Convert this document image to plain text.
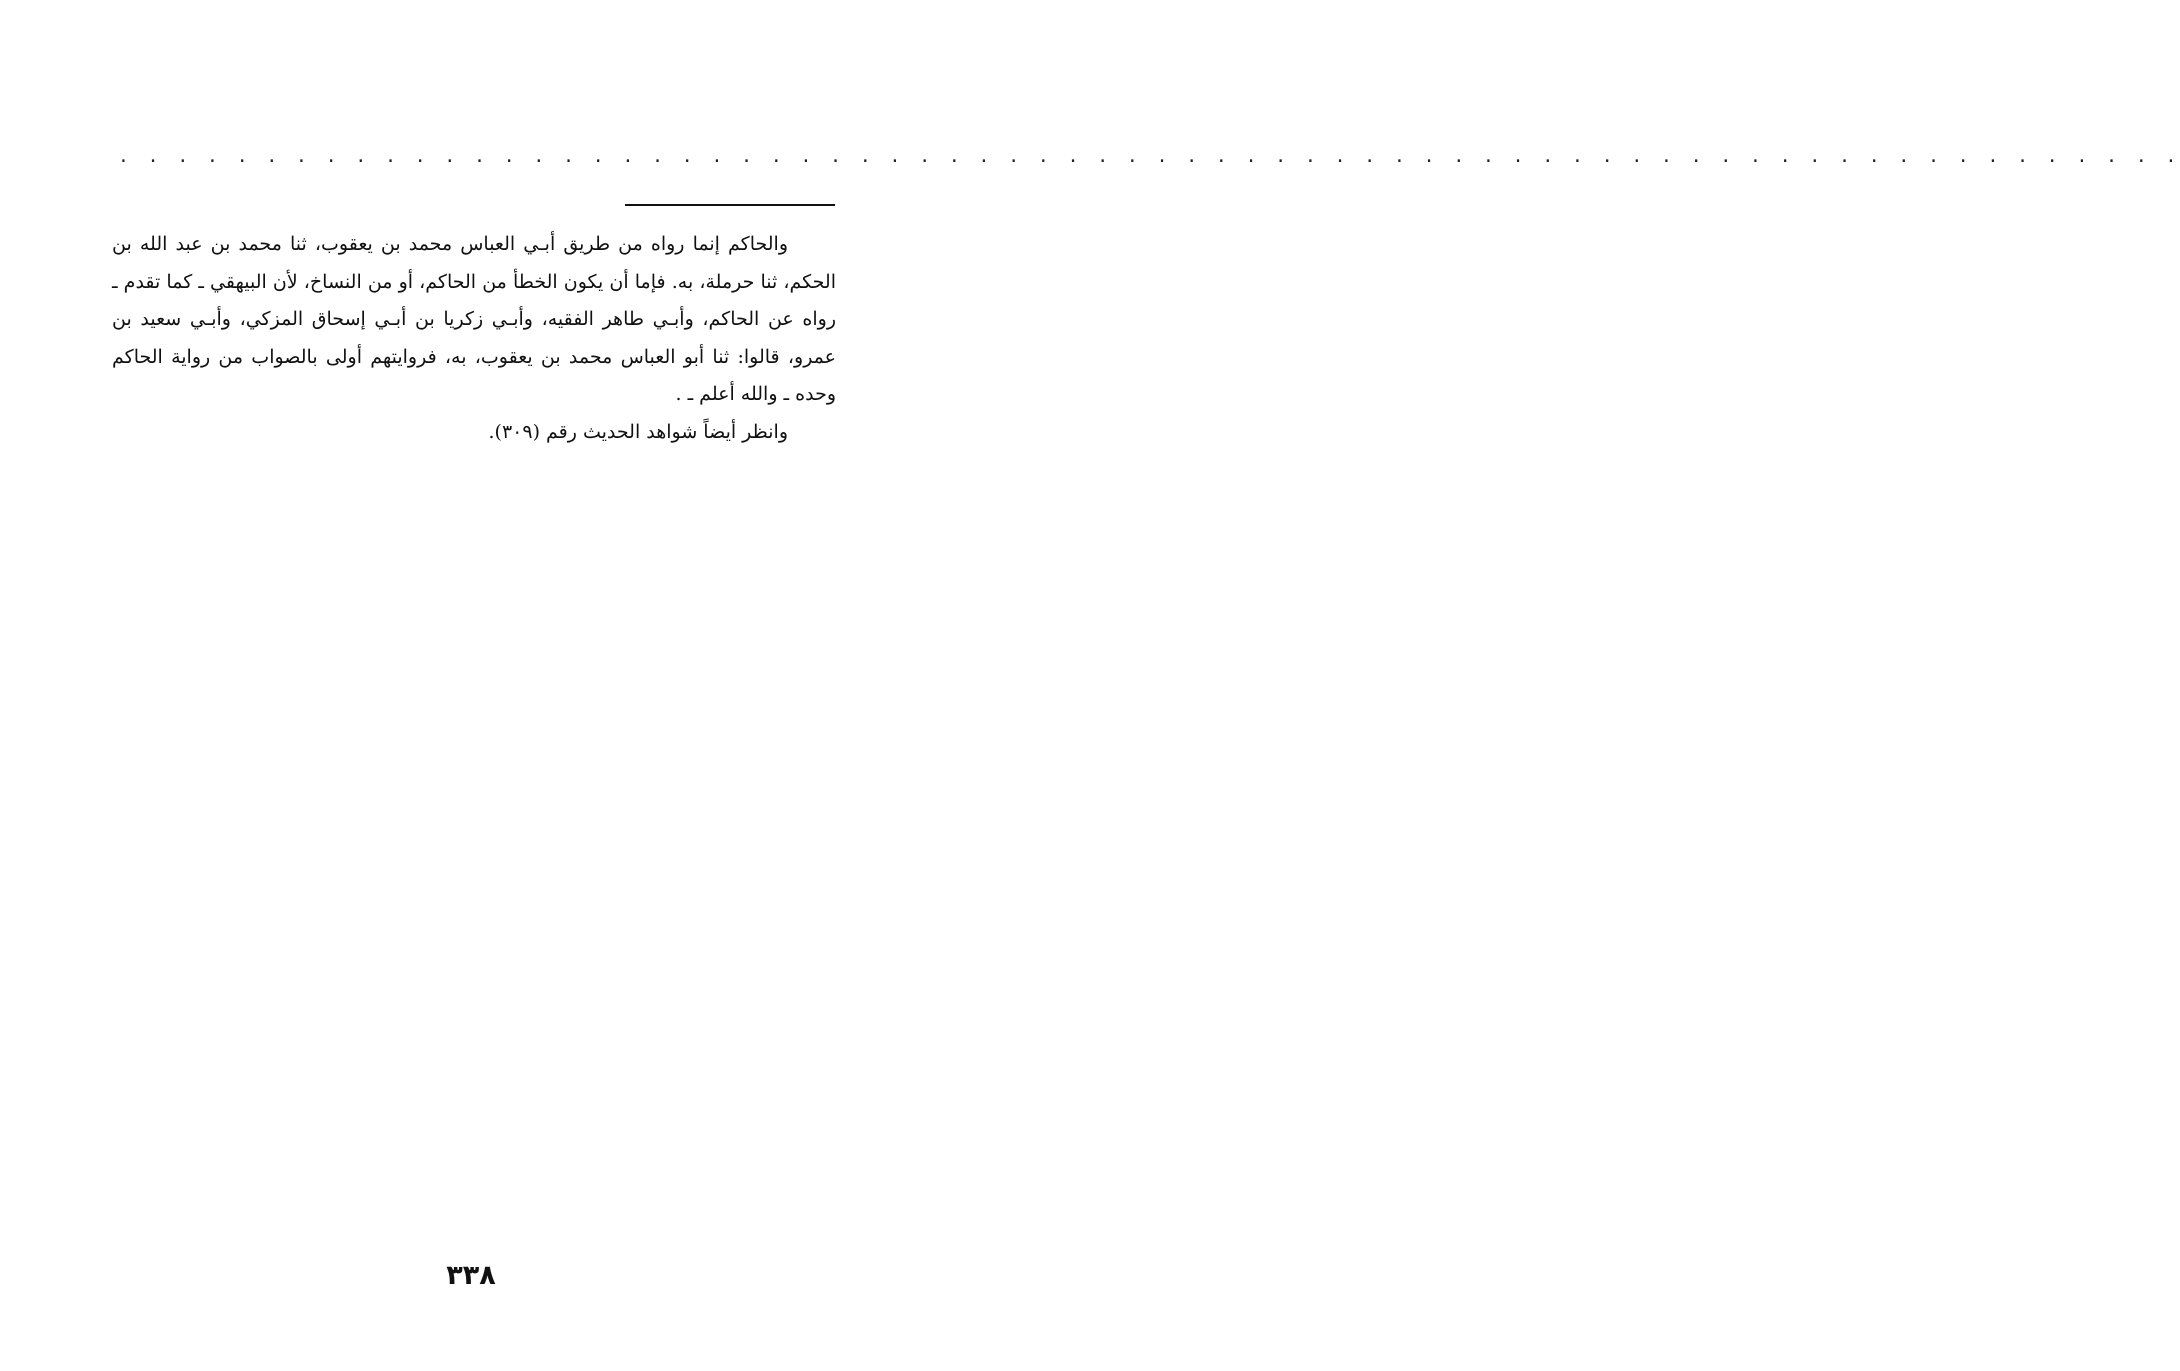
. . . . . . . . . . . . . . . . . . . . . . . . . . . . . . . . . . . . . . . . . . . . . . . . . . . . . . . . . . . . . . . . . . . . . .

والحاكم إنما رواه من طريق أبـي العباس محمد بن يعقوب، ثنا محمد بن عبد الله بن الحكم، ثنا حرملة، به. فإما أن يكون الخطأ من الحاكم، أو من النساخ، لأن البيهقي ـ كما تقدم ـ رواه عن الحاكم، وأبـي طاهر الفقيه، وأبـي زكريا بن أبـي إسحاق المزكي، وأبـي سعيد بن عمرو، قالوا: ثنا أبو العباس محمد بن يعقوب، به، فروايتهم أولى بالصواب من رواية الحاكم وحده ـ والله أعلم ـ .

وانظر أيضاً شواهد الحديث رقم (٣٠٩).

٣٣٨
